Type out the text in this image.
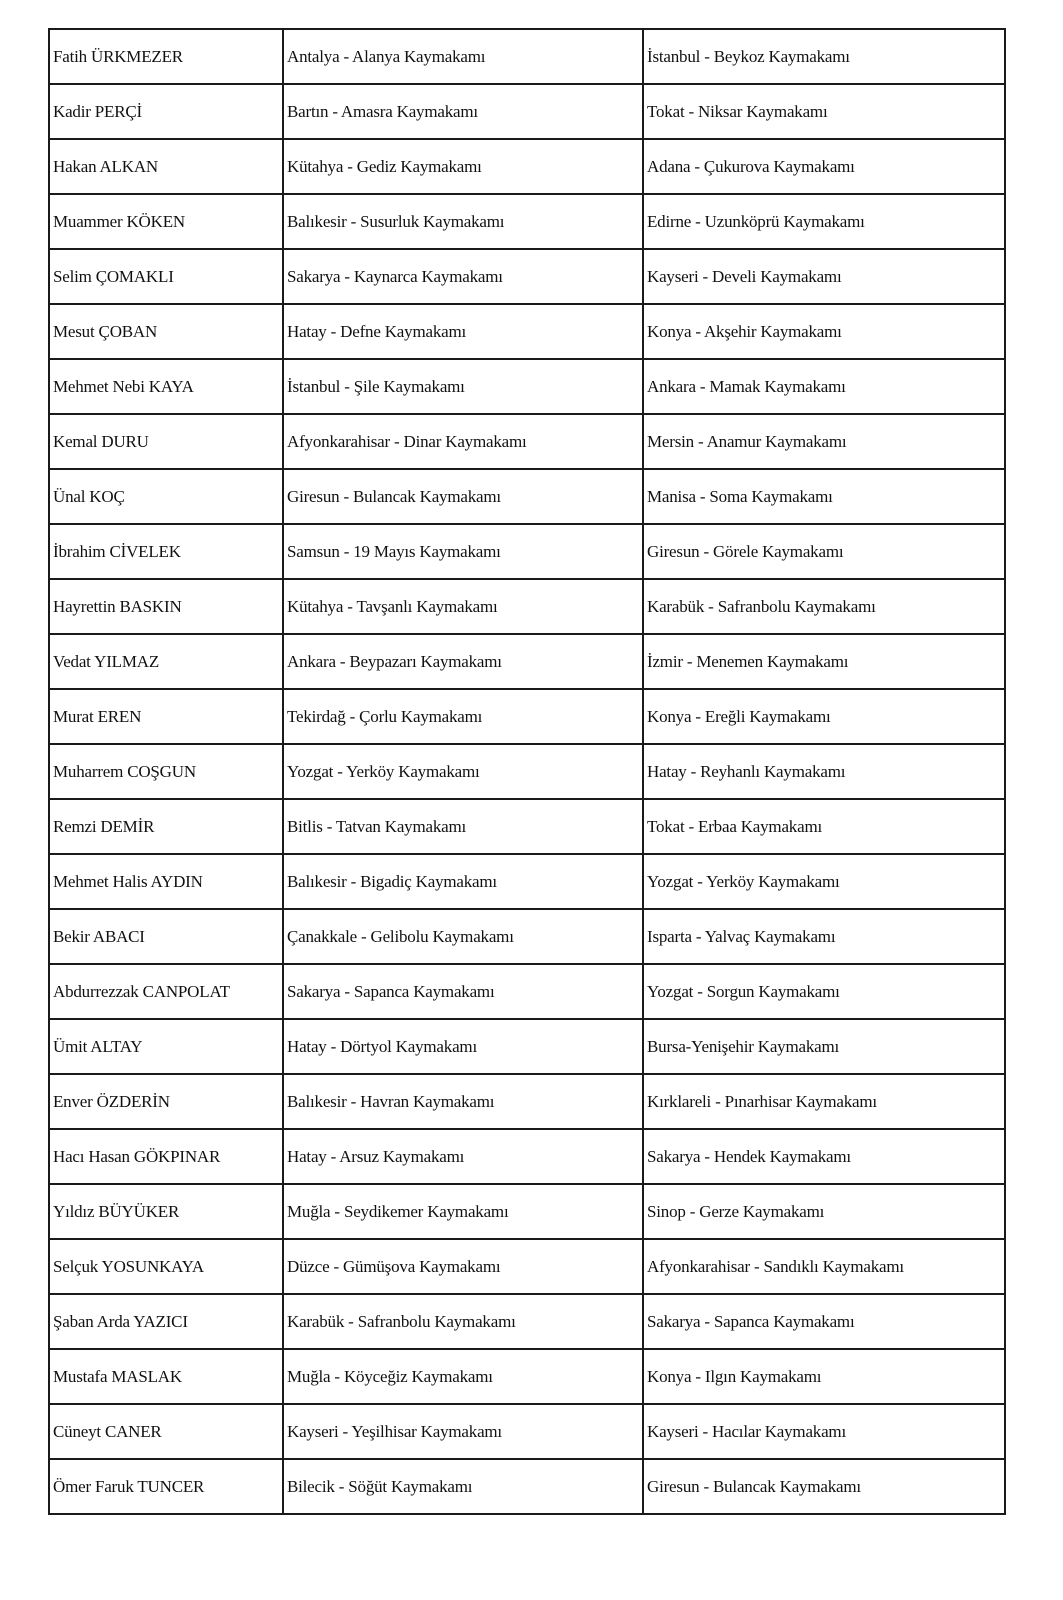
Fatih ÜRKMEZER	Antalya - Alanya Kaymakamı	İstanbul - Beykoz Kaymakamı
Kadir PERÇİ	Bartın - Amasra Kaymakamı	Tokat - Niksar Kaymakamı
Hakan ALKAN	Kütahya - Gediz Kaymakamı	Adana - Çukurova Kaymakamı
Muammer KÖKEN	Balıkesir - Susurluk Kaymakamı	Edirne - Uzunköprü Kaymakamı
Selim ÇOMAKLI	Sakarya - Kaynarca Kaymakamı	Kayseri - Develi Kaymakamı
Mesut ÇOBAN	Hatay - Defne Kaymakamı	Konya - Akşehir Kaymakamı
Mehmet Nebi KAYA	İstanbul - Şile Kaymakamı	Ankara - Mamak Kaymakamı
Kemal DURU	Afyonkarahisar - Dinar Kaymakamı	Mersin - Anamur Kaymakamı
Ünal KOÇ	Giresun - Bulancak Kaymakamı	Manisa - Soma Kaymakamı
İbrahim CİVELEK	Samsun - 19 Mayıs Kaymakamı	Giresun - Görele Kaymakamı
Hayrettin BASKIN	Kütahya - Tavşanlı Kaymakamı	Karabük - Safranbolu Kaymakamı
Vedat YILMAZ	Ankara - Beypazarı Kaymakamı	İzmir - Menemen Kaymakamı
Murat EREN	Tekirdağ - Çorlu Kaymakamı	Konya - Ereğli Kaymakamı
Muharrem COŞGUN	Yozgat - Yerköy Kaymakamı	Hatay - Reyhanlı Kaymakamı
Remzi DEMİR	Bitlis - Tatvan Kaymakamı	Tokat - Erbaa Kaymakamı
Mehmet Halis AYDIN	Balıkesir - Bigadiç Kaymakamı	Yozgat - Yerköy Kaymakamı
Bekir ABACI	Çanakkale - Gelibolu Kaymakamı	Isparta - Yalvaç Kaymakamı
Abdurrezzak CANPOLAT	Sakarya - Sapanca Kaymakamı	Yozgat - Sorgun Kaymakamı
Ümit ALTAY	Hatay - Dörtyol Kaymakamı	Bursa-Yenişehir Kaymakamı
Enver ÖZDERİN	Balıkesir - Havran Kaymakamı	Kırklareli - Pınarhisar Kaymakamı
Hacı Hasan GÖKPINAR	Hatay - Arsuz Kaymakamı	Sakarya - Hendek Kaymakamı
Yıldız BÜYÜKER	Muğla - Seydikemer Kaymakamı	Sinop - Gerze Kaymakamı
Selçuk YOSUNKAYA	Düzce - Gümüşova Kaymakamı	Afyonkarahisar - Sandıklı Kaymakamı
Şaban Arda YAZICI	Karabük - Safranbolu Kaymakamı	Sakarya - Sapanca Kaymakamı
Mustafa MASLAK	Muğla - Köyceğiz Kaymakamı	Konya - Ilgın Kaymakamı
Cüneyt CANER	Kayseri - Yeşilhisar Kaymakamı	Kayseri - Hacılar Kaymakamı
Ömer Faruk TUNCER	Bilecik - Söğüt Kaymakamı	Giresun - Bulancak Kaymakamı
